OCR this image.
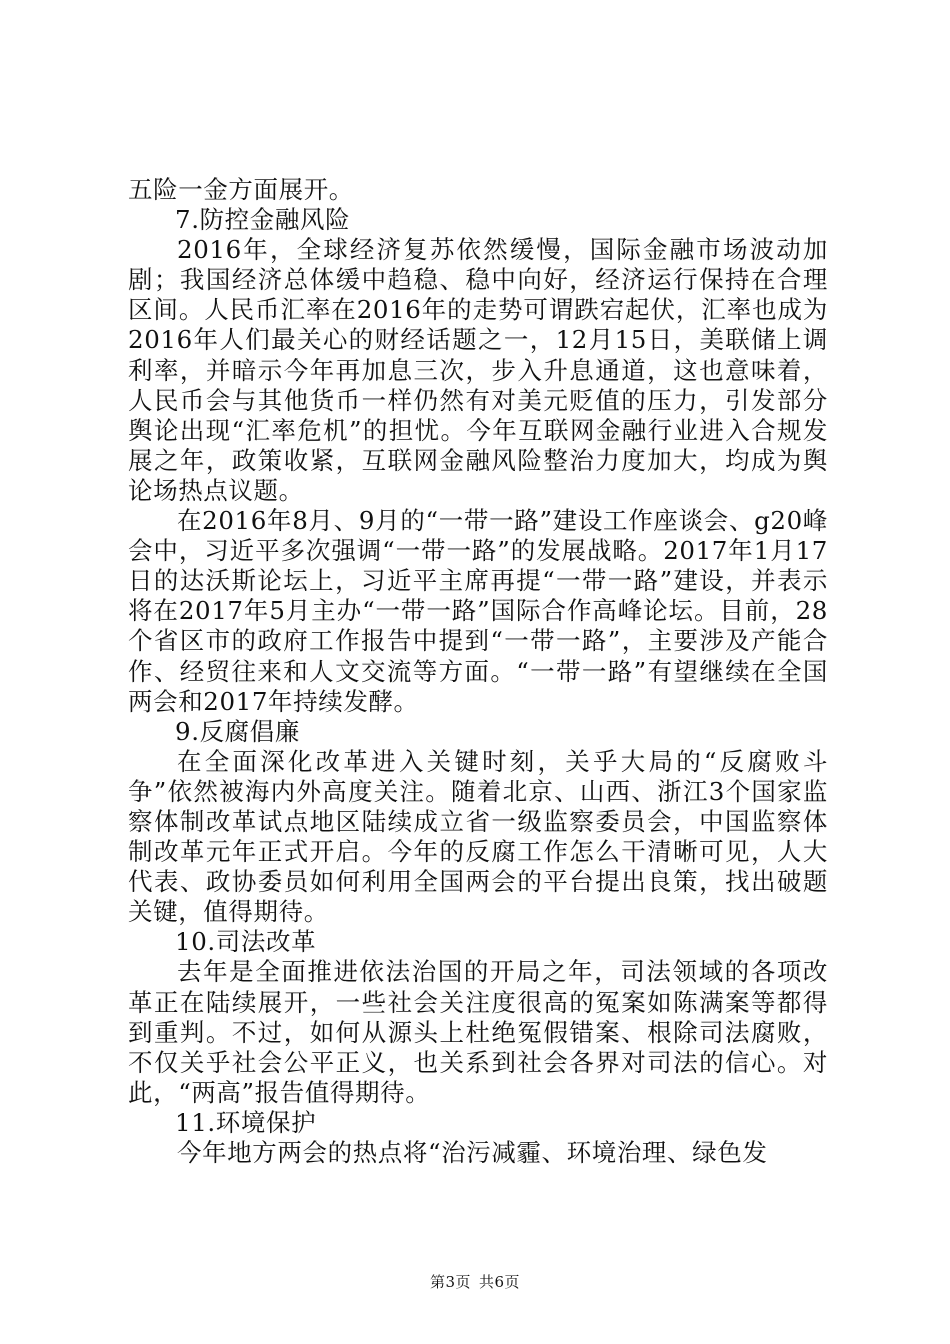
五险一金方面展开。

7.防控金融风险

2016年，全球经济复苏依然缓慢，国际金融市场波动加剧；我国经济总体缓中趋稳、稳中向好，经济运行保持在合理区间。人民币汇率在2016年的走势可谓跌宕起伏，汇率也成为2016年人们最关心的财经话题之一，12月15日，美联储上调利率，并暗示今年再加息三次，步入升息通道，这也意味着，人民币会与其他货币一样仍然有对美元贬值的压力，引发部分舆论出现“汇率危机”的担忧。今年互联网金融行业进入合规发展之年，政策收紧，互联网金融风险整治力度加大，均成为舆论场热点议题。

在2016年8月、9月的“一带一路”建设工作座谈会、g20峰会中，习近平多次强调“一带一路”的发展战略。2017年1月17日的达沃斯论坛上，习近平主席再提“一带一路”建设，并表示将在2017年5月主办“一带一路”国际合作高峰论坛。目前，28个省区市的政府工作报告中提到“一带一路”，主要涉及产能合作、经贸往来和人文交流等方面。“一带一路”有望继续在全国两会和2017年持续发酵。

9.反腐倡廉

在全面深化改革进入关键时刻，关乎大局的“反腐败斗争”依然被海内外高度关注。随着北京、山西、浙江3个国家监察体制改革试点地区陆续成立省一级监察委员会，中国监察体制改革元年正式开启。今年的反腐工作怎么干清晰可见，人大代表、政协委员如何利用全国两会的平台提出良策，找出破题关键，值得期待。

10.司法改革

去年是全面推进依法治国的开局之年，司法领域的各项改革正在陆续展开，一些社会关注度很高的冤案如陈满案等都得到重判。不过，如何从源头上杜绝冤假错案、根除司法腐败，不仅关乎社会公平正义，也关系到社会各界对司法的信心。对此，“两高”报告值得期待。

11.环境保护

今年地方两会的热点将“治污减霾、环境治理、绿色发

第3页 共6页
